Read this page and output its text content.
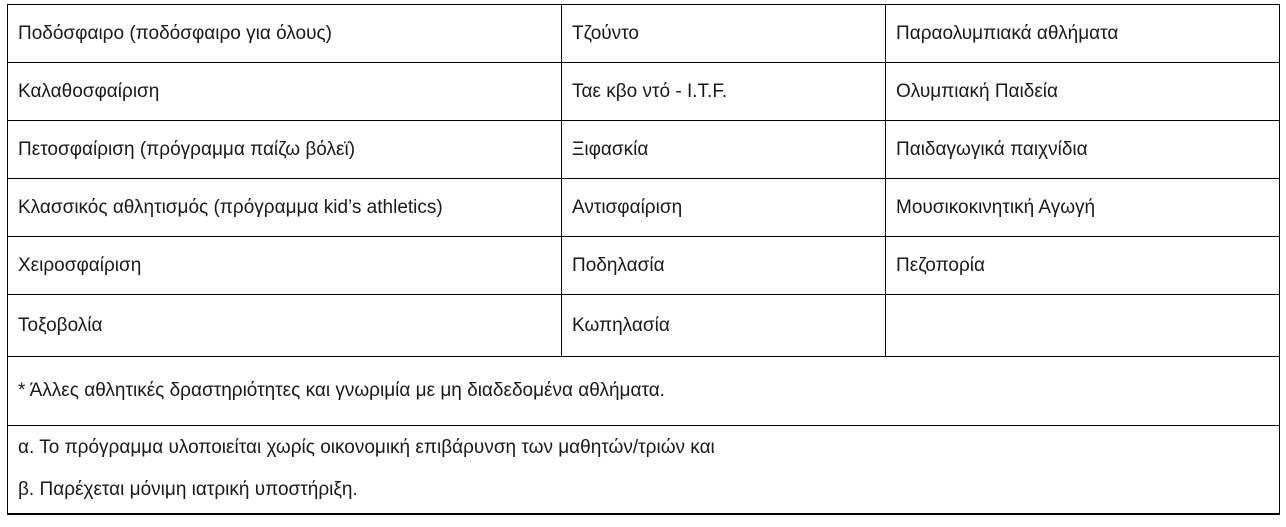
Ποδόσφαιρο (ποδόσφαιρο για όλους)	Τζούντο	Παραολυμπιακά αθλήματα
Καλαθοσφαίριση	Ταε κβο ντό - I.T.F.	Ολυμπιακή Παιδεία
Πετοσφαίριση (πρόγραμμα παίζω βόλεϊ)	Ξιφασκία	Παιδαγωγικά παιχνίδια
Κλασσικός αθλητισμός (πρόγραμμα kid’s athletics)	Αντισφαίριση	Μουσικοκινητική Αγωγή
Χειροσφαίριση	Ποδηλασία	Πεζοπορία
Τοξοβολία	Κωπηλασία	
* Άλλες αθλητικές δραστηριότητες και γνωριμία με μη διαδεδομένα αθλήματα.		

α. Το πρόγραμμα υλοποιείται χωρίς οικονομική επιβάρυνση των μαθητών/τριών και
β. Παρέχεται μόνιμη ιατρική υποστήριξη.		
